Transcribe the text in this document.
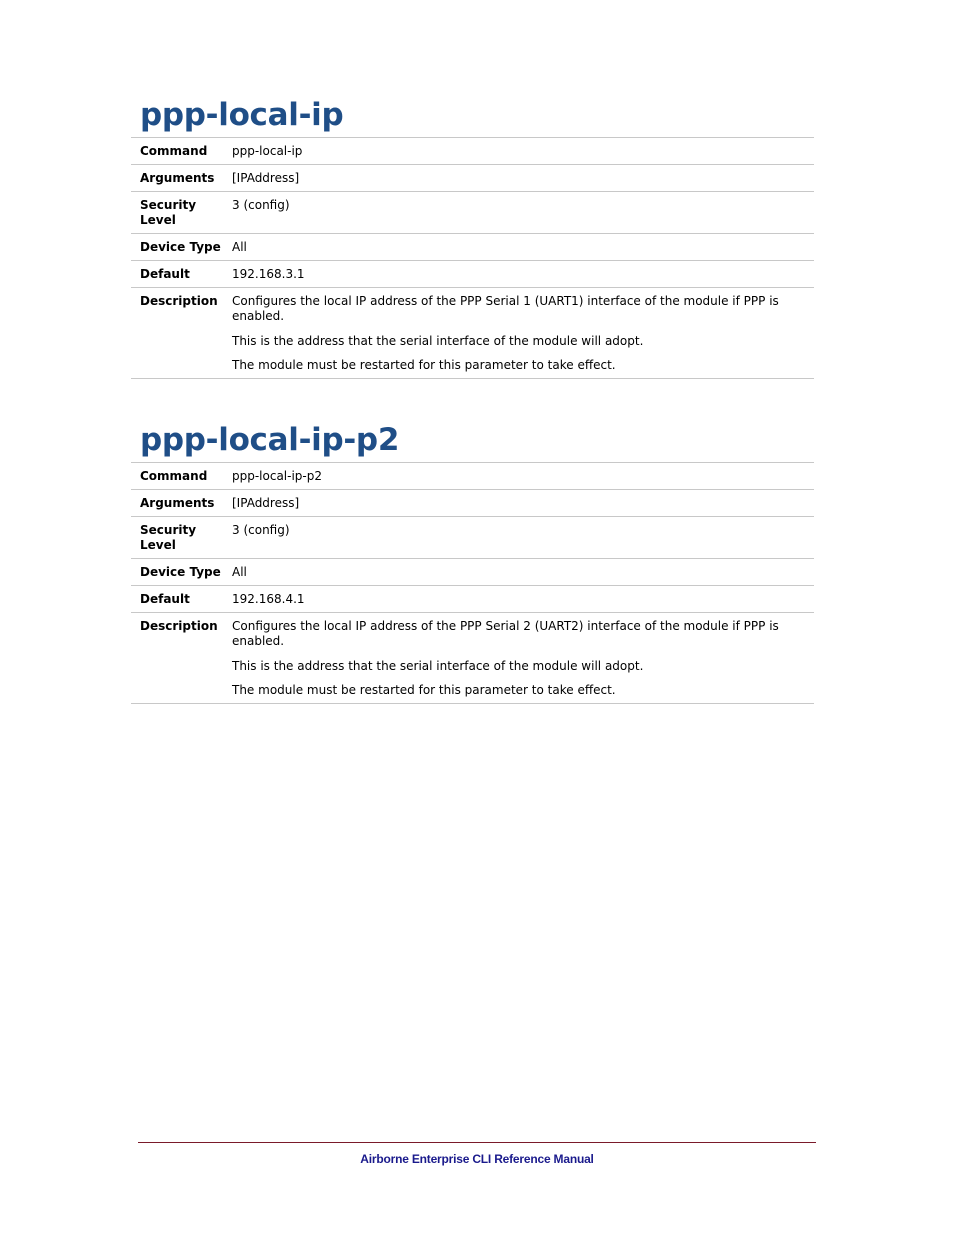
ppp-local-ip
Command	ppp-local-ip
Arguments	[IPAddress]
Security Level	3 (config)
Device Type	All
Default	192.168.3.1
Description	Configures the local IP address of the PPP Serial 1 (UART1) interface of the module if PPP is enabled.

This is the address that the serial interface of the module will adopt.

The module must be restarted for this parameter to take effect.

ppp-local-ip-p2
Command	ppp-local-ip-p2
Arguments	[IPAddress]
Security Level	3 (config)
Device Type	All
Default	192.168.4.1
Description	Configures the local IP address of the PPP Serial 2 (UART2) interface of the module if PPP is enabled.

This is the address that the serial interface of the module will adopt.

The module must be restarted for this parameter to take effect.

Airborne Enterprise CLI Reference Manual
